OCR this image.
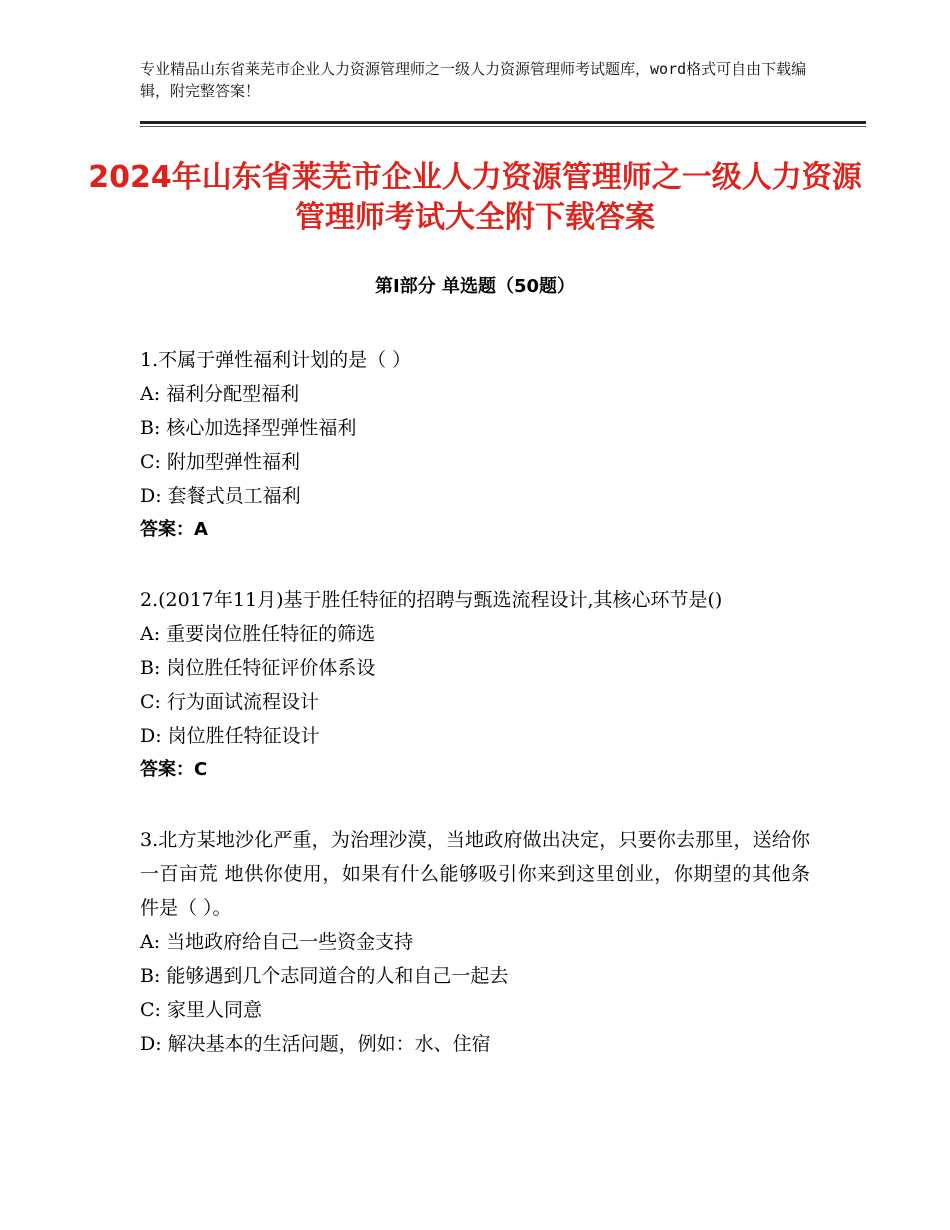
专业精品山东省莱芜市企业人力资源管理师之一级人力资源管理师考试题库，word格式可自由下载编辑，附完整答案！

2024年山东省莱芜市企业人力资源管理师之一级人力资源管理师考试大全附下载答案
第Ⅰ部分 单选题（50题）

1.不属于弹性福利计划的是（ ）

A: 福利分配型福利

B: 核心加选择型弹性福利

C: 附加型弹性福利

D: 套餐式员工福利

答案：A

2.(2017年11月)基于胜任特征的招聘与甄选流程设计,其核心环节是()

A: 重要岗位胜任特征的筛选

B: 岗位胜任特征评价体系设

C: 行为面试流程设计

D: 岗位胜任特征设计

答案：C

3.北方某地沙化严重，为治理沙漠，当地政府做出决定，只要你去那里，送给你一百亩荒 地供你使用，如果有什么能够吸引你来到这里创业，你期望的其他条件是（ ）。

A: 当地政府给自己一些资金支持

B: 能够遇到几个志同道合的人和自己一起去

C: 家里人同意

D: 解决基本的生活问题，例如：水、住宿
